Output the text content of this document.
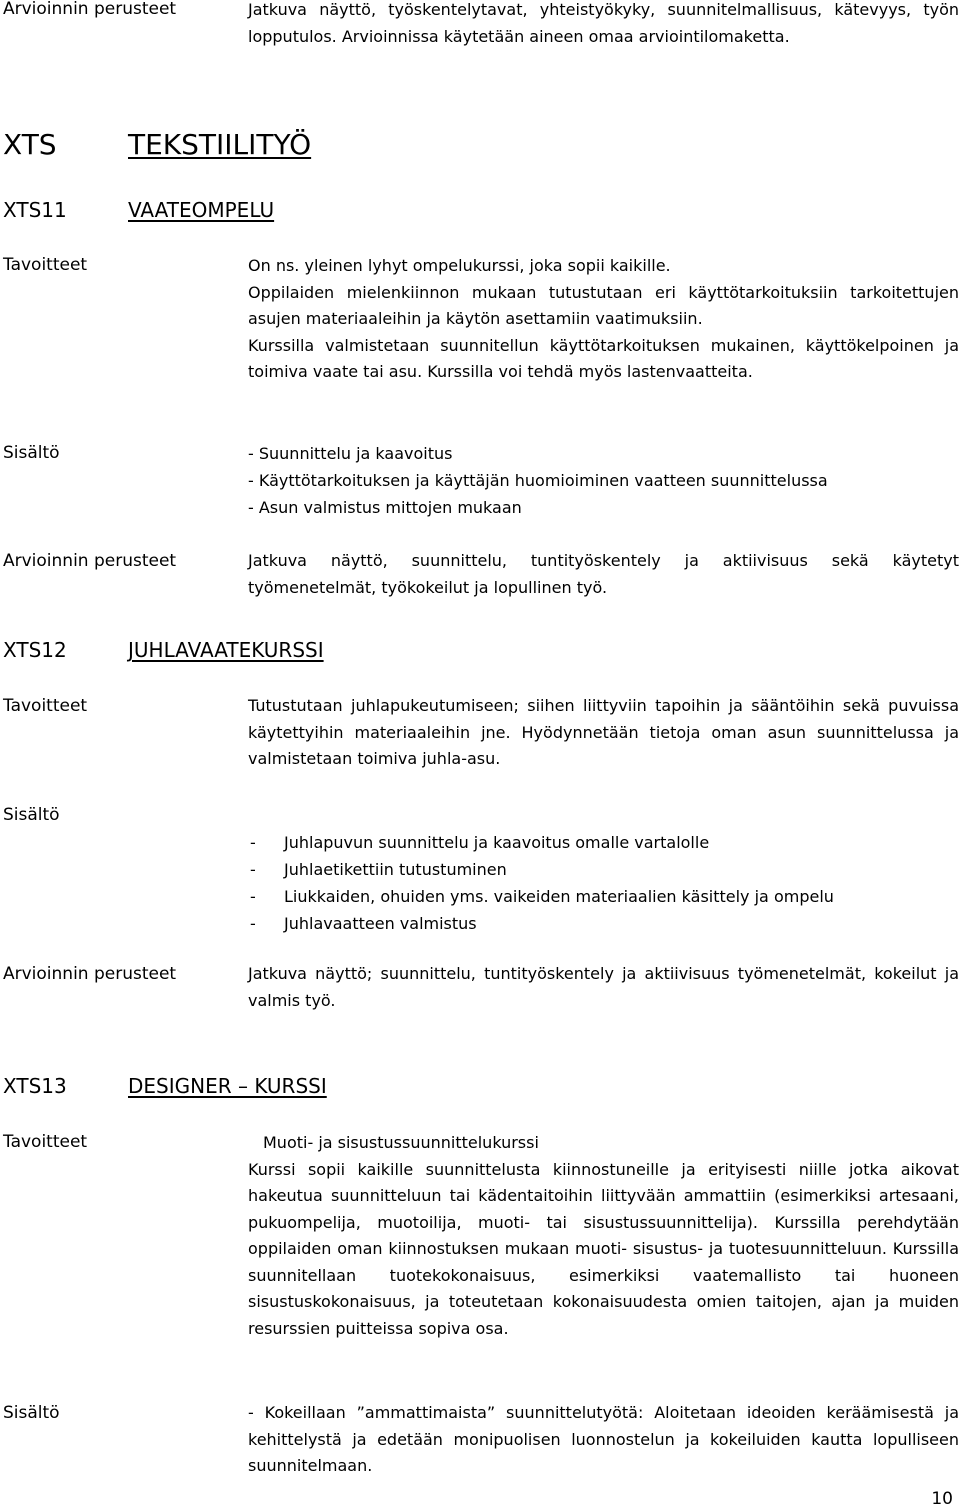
Arvioinnin perusteet	Jatkuva näyttö, työskentelytavat, yhteistyökyky, suunnitelmallisuus, kätevyys, työn lopputulos. Arvioinnissa käytetään aineen omaa arviointilomaketta.
XTS	TEKSTIILITYÖ
XTS11	VAATEOMPELU
Tavoitteet	On ns. yleinen lyhyt ompelukurssi, joka sopii kaikille.

Oppilaiden mielenkiinnon mukaan tutustutaan eri käyttötarkoituksiin tarkoitettujen asujen materiaaleihin ja käytön asettamiin vaatimuksiin.

Kurssilla valmistetaan suunnitellun käyttötarkoituksen mukainen, käyttökelpoinen ja toimiva vaate tai asu. Kurssilla voi tehdä myös lastenvaatteita.

Sisältö	- Suunnittelu ja kaavoitus
- Käyttötarkoituksen ja käyttäjän huomioiminen vaatteen suunnittelussa
- Asun valmistus mittojen mukaan
Arvioinnin perusteet	Jatkuva näyttö, suunnittelu, tuntityöskentely ja aktiivisuus sekä käytetyt työmenetelmät, työkokeilut ja lopullinen työ.
XTS12	JUHLAVAATEKURSSI
Tavoitteet	Tutustutaan juhlapukeutumiseen; siihen liittyviin tapoihin ja sääntöihin sekä puvuissa käytettyihin materiaaleihin jne. Hyödynnetään tietoja oman asun suunnittelussa ja valmistetaan toimiva juhla-asu.
Sisältö
- Juhlapuvun suunnittelu ja kaavoitus omalle vartalolle
- Juhlaetikettiin tutustuminen
- Liukkaiden, ohuiden yms. vaikeiden materiaalien käsittely ja ompelu
- Juhlavaatteen valmistus
Arvioinnin perusteet	Jatkuva näyttö; suunnittelu, tuntityöskentely ja aktiivisuus työmenetelmät, kokeilut ja valmis työ.
XTS13	DESIGNER – KURSSI
Tavoitteet	Muoti- ja sisustussuunnittelukurssi

Kurssi sopii kaikille suunnittelusta kiinnostuneille ja erityisesti niille jotka aikovat hakeutua suunnitteluun tai kädentaitoihin liittyvään ammattiin (esimerkiksi artesaani, pukuompelija, muotoilija, muoti- tai sisustussuunnittelija). Kurssilla perehdytään oppilaiden oman kiinnostuksen mukaan muoti- sisustus- ja tuotesuunnitteluun. Kurssilla suunnitellaan tuotekokonaisuus, esimerkiksi vaatemallisto tai huoneen sisustuskokonaisuus, ja toteutetaan kokonaisuudesta omien taitojen, ajan ja muiden resurssien puitteissa sopiva osa.

Sisältö	- Kokeillaan ”ammattimaista” suunnittelutyötä: Aloitetaan ideoiden keräämisestä ja kehittelystä ja edetään monipuolisen luonnostelun ja kokeiluiden kautta lopulliseen suunnitelmaan.
10
